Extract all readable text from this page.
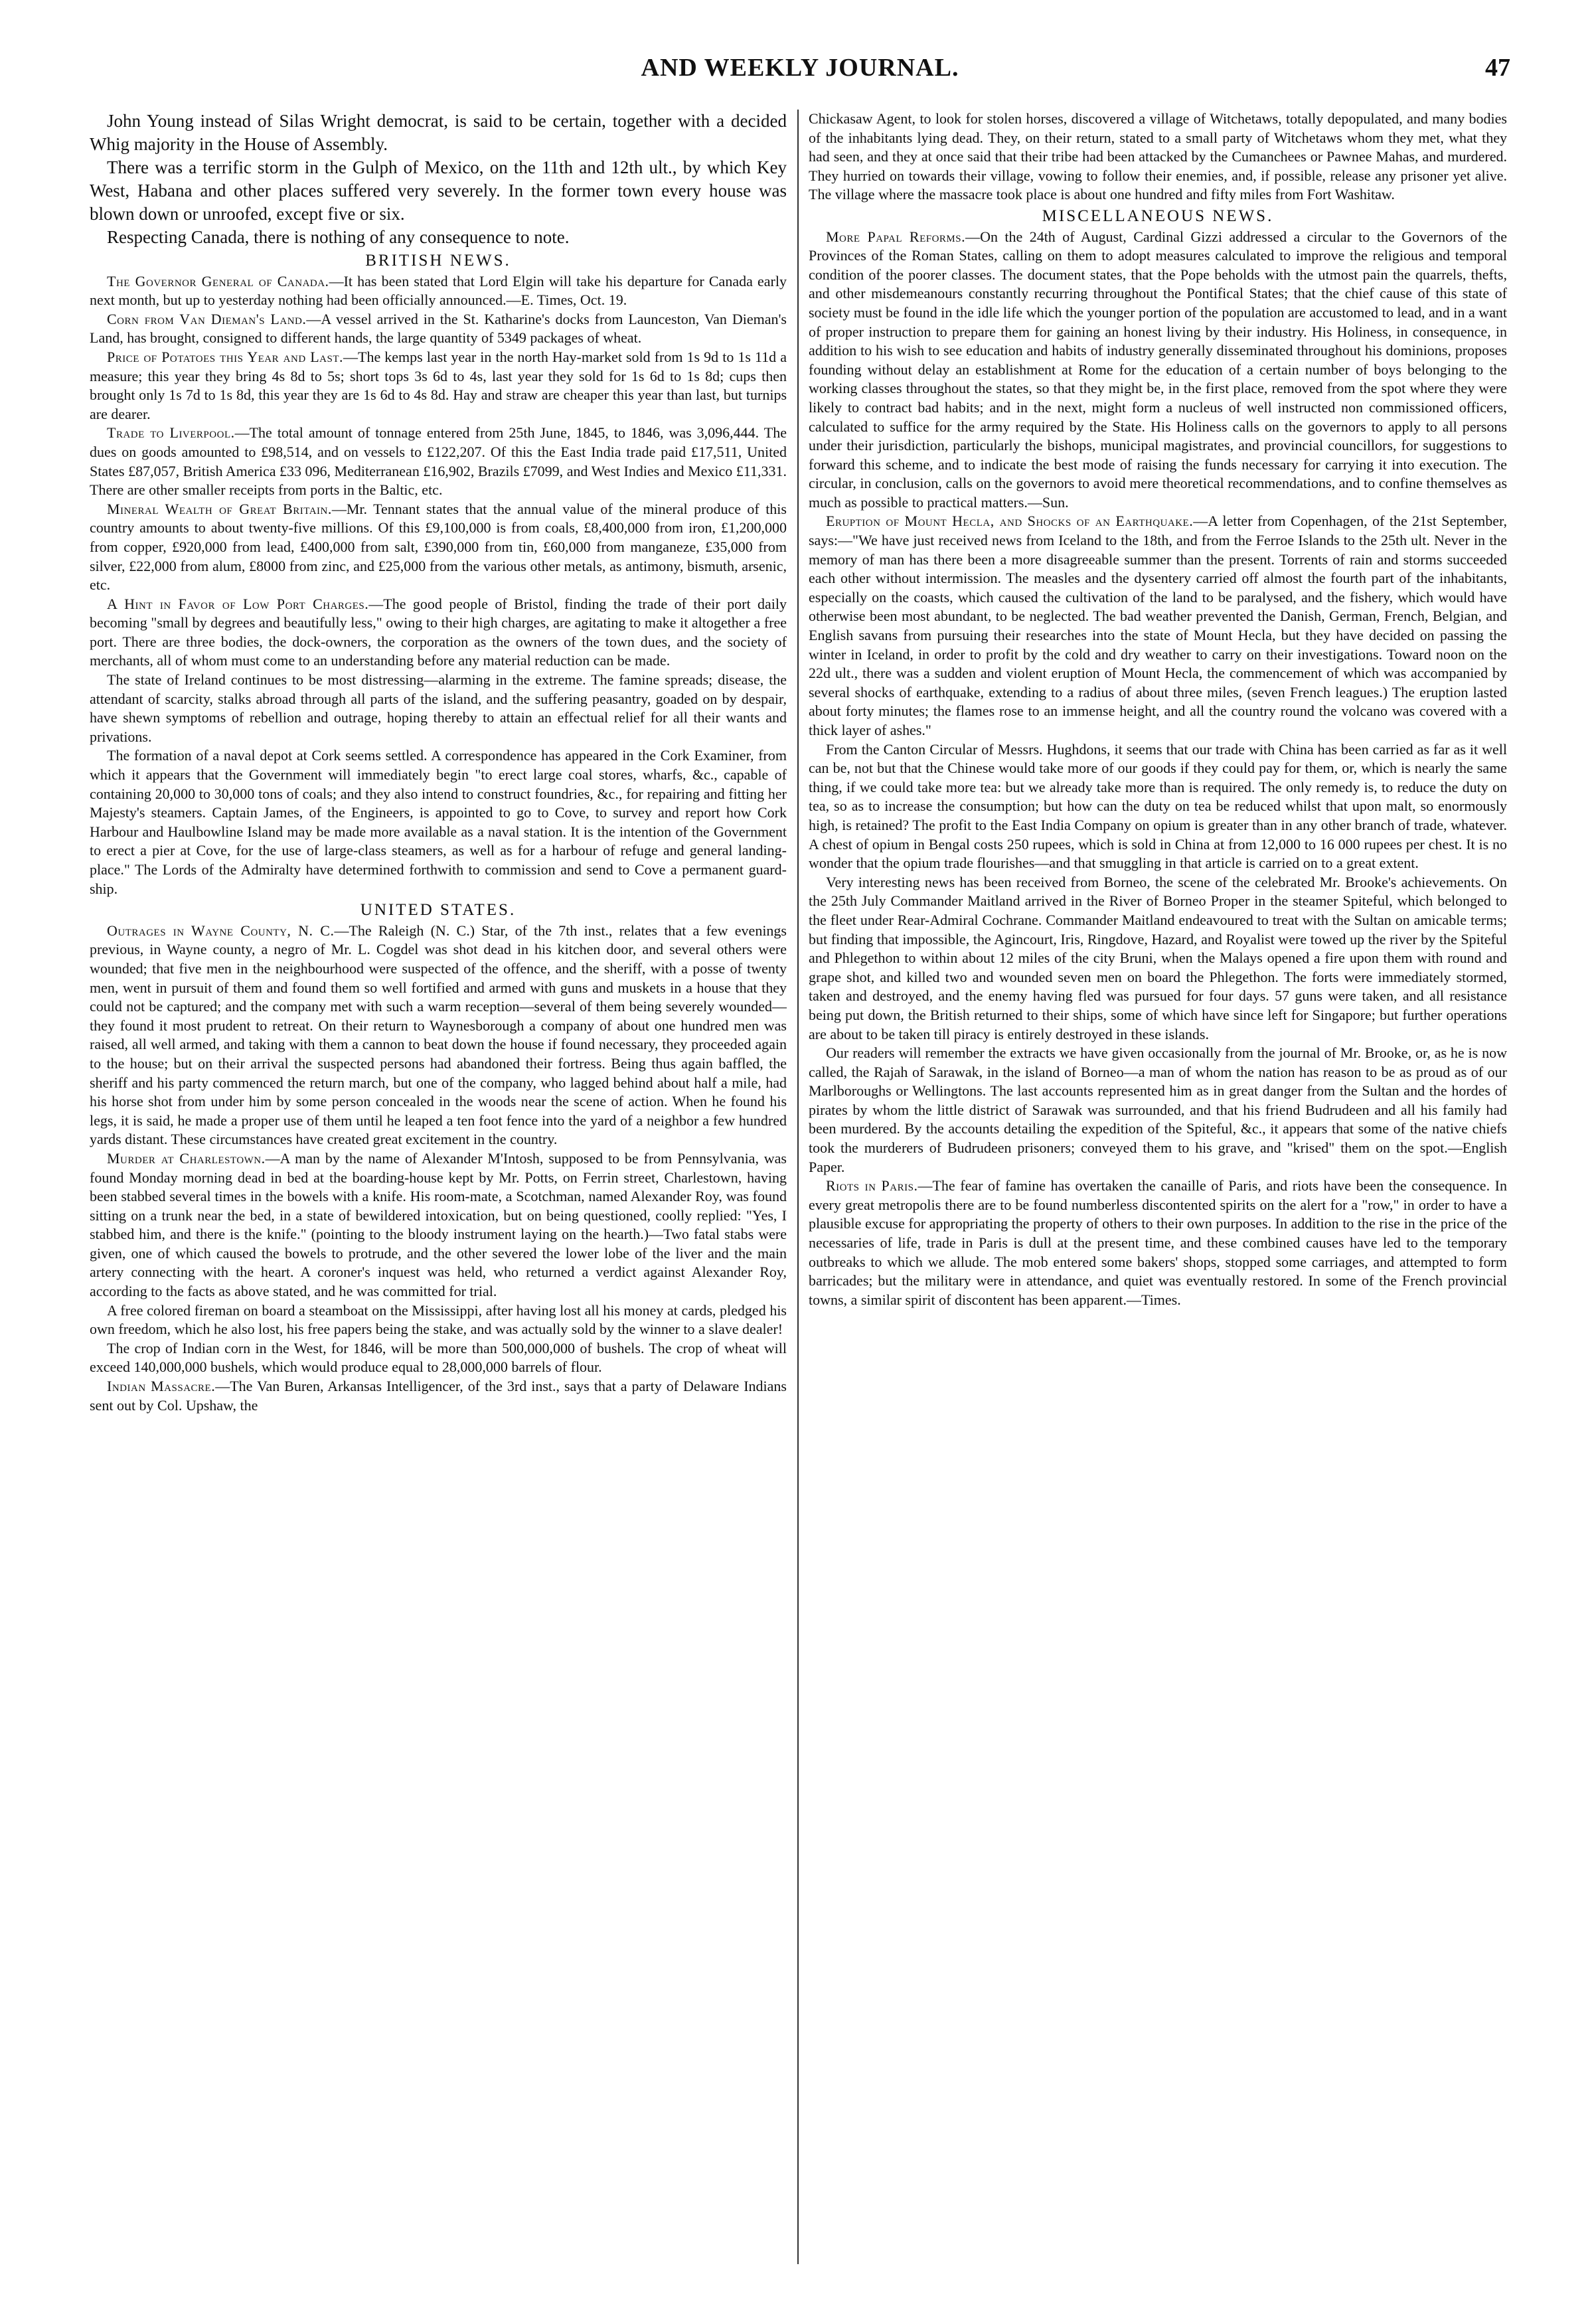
AND WEEKLY JOURNAL.	47

John Young instead of Silas Wright democrat, is said to be certain, together with a decided Whig majority in the House of Assembly.

There was a terrific storm in the Gulph of Mexico, on the 11th and 12th ult., by which Key West, Habana and other places suffered very severely. In the former town every house was blown down or unroofed, except five or six.

Respecting Canada, there is nothing of any consequence to note.

BRITISH NEWS.

The Governor General of Canada.—It has been stated that Lord Elgin will take his departure for Canada early next month, but up to yesterday nothing had been officially announced.—E. Times, Oct. 19.

Corn from Van Dieman's Land.—A vessel arrived in the St. Katharine's docks from Launceston, Van Dieman's Land, has brought, consigned to different hands, the large quantity of 5349 packages of wheat.

Price of Potatoes this Year and Last.—The kemps last year in the north Hay-market sold from 1s 9d to 1s 11d a measure; this year they bring 4s 8d to 5s; short tops 3s 6d to 4s, last year they sold for 1s 6d to 1s 8d; cups then brought only 1s 7d to 1s 8d, this year they are 1s 6d to 4s 8d. Hay and straw are cheaper this year than last, but turnips are dearer.

Trade to Liverpool.—The total amount of tonnage entered from 25th June, 1845, to 1846, was 3,096,444. The dues on goods amounted to £98,514, and on vessels to £122,207. Of this the East India trade paid £17,511, United States £87,057, British America £33 096, Mediterranean £16,902, Brazils £7099, and West Indies and Mexico £11,331. There are other smaller receipts from ports in the Baltic, etc.

Mineral Wealth of Great Britain.—Mr. Tennant states that the annual value of the mineral produce of this country amounts to about twenty-five millions. Of this £9,100,000 is from coals, £8,400,000 from iron, £1,200,000 from copper, £920,000 from lead, £400,000 from salt, £390,000 from tin, £60,000 from manganeze, £35,000 from silver, £22,000 from alum, £8000 from zinc, and £25,000 from the various other metals, as antimony, bismuth, arsenic, etc.

A Hint in Favor of Low Port Charges.—The good people of Bristol, finding the trade of their port daily becoming "small by degrees and beautifully less," owing to their high charges, are agitating to make it altogether a free port. There are three bodies, the dock-owners, the corporation as the owners of the town dues, and the society of merchants, all of whom must come to an understanding before any material reduction can be made.

The state of Ireland continues to be most distressing—alarming in the extreme. The famine spreads; disease, the attendant of scarcity, stalks abroad through all parts of the island, and the suffering peasantry, goaded on by despair, have shewn symptoms of rebellion and outrage, hoping thereby to attain an effectual relief for all their wants and privations.

The formation of a naval depot at Cork seems settled. A correspondence has appeared in the Cork Examiner, from which it appears that the Government will immediately begin "to erect large coal stores, wharfs, &c., capable of containing 20,000 to 30,000 tons of coals; and they also intend to construct foundries, &c., for repairing and fitting her Majesty's steamers. Captain James, of the Engineers, is appointed to go to Cove, to survey and report how Cork Harbour and Haulbowline Island may be made more available as a naval station. It is the intention of the Government to erect a pier at Cove, for the use of large-class steamers, as well as for a harbour of refuge and general landing-place." The Lords of the Admiralty have determined forthwith to commission and send to Cove a permanent guard-ship.

UNITED STATES.

Outrages in Wayne County, N. C.—The Raleigh (N. C.) Star, of the 7th inst., relates that a few evenings previous, in Wayne county, a negro of Mr. L. Cogdel was shot dead in his kitchen door, and several others were wounded; that five men in the neighbourhood were suspected of the offence, and the sheriff, with a posse of twenty men, went in pursuit of them and found them so well fortified and armed with guns and muskets in a house that they could not be captured; and the company met with such a warm reception—several of them being severely wounded—they found it most prudent to retreat. On their return to Waynesborough a company of about one hundred men was raised, all well armed, and taking with them a cannon to beat down the house if found necessary, they proceeded again to the house; but on their arrival the suspected persons had abandoned their fortress. Being thus again baffled, the sheriff and his party commenced the return march, but one of the company, who lagged behind about half a mile, had his horse shot from under him by some person concealed in the woods near the scene of action. When he found his legs, it is said, he made a proper use of them until he leaped a ten foot fence into the yard of a neighbor a few hundred yards distant. These circumstances have created great excitement in the country.

Murder at Charlestown.—A man by the name of Alexander M'Intosh, supposed to be from Pennsylvania, was found Monday morning dead in bed at the boarding-house kept by Mr. Potts, on Ferrin street, Charlestown, having been stabbed several times in the bowels with a knife. His room-mate, a Scotchman, named Alexander Roy, was found sitting on a trunk near the bed, in a state of bewildered intoxication, but on being questioned, coolly replied: "Yes, I stabbed him, and there is the knife." (pointing to the bloody instrument laying on the hearth.)—Two fatal stabs were given, one of which caused the bowels to protrude, and the other severed the lower lobe of the liver and the main artery connecting with the heart. A coroner's inquest was held, who returned a verdict against Alexander Roy, according to the facts as above stated, and he was committed for trial.

A free colored fireman on board a steamboat on the Mississippi, after having lost all his money at cards, pledged his own freedom, which he also lost, his free papers being the stake, and was actually sold by the winner to a slave dealer!

The crop of Indian corn in the West, for 1846, will be more than 500,000,000 of bushels. The crop of wheat will exceed 140,000,000 bushels, which would produce equal to 28,000,000 barrels of flour.

Indian Massacre.—The Van Buren, Arkansas Intelligencer, of the 3rd inst., says that a party of Delaware Indians sent out by Col. Upshaw, the

Chickasaw Agent, to look for stolen horses, discovered a village of Witchetaws, totally depopulated, and many bodies of the inhabitants lying dead. They, on their return, stated to a small party of Witchetaws whom they met, what they had seen, and they at once said that their tribe had been attacked by the Cumanchees or Pawnee Mahas, and murdered. They hurried on towards their village, vowing to follow their enemies, and, if possible, release any prisoner yet alive. The village where the massacre took place is about one hundred and fifty miles from Fort Washitaw.

MISCELLANEOUS NEWS.

More Papal Reforms.—On the 24th of August, Cardinal Gizzi addressed a circular to the Governors of the Provinces of the Roman States, calling on them to adopt measures calculated to improve the religious and temporal condition of the poorer classes. The document states, that the Pope beholds with the utmost pain the quarrels, thefts, and other misdemeanours constantly recurring throughout the Pontifical States; that the chief cause of this state of society must be found in the idle life which the younger portion of the population are accustomed to lead, and in a want of proper instruction to prepare them for gaining an honest living by their industry. His Holiness, in consequence, in addition to his wish to see education and habits of industry generally disseminated throughout his dominions, proposes founding without delay an establishment at Rome for the education of a certain number of boys belonging to the working classes throughout the states, so that they might be, in the first place, removed from the spot where they were likely to contract bad habits; and in the next, might form a nucleus of well instructed non commissioned officers, calculated to suffice for the army required by the State. His Holiness calls on the governors to apply to all persons under their jurisdiction, particularly the bishops, municipal magistrates, and provincial councillors, for suggestions to forward this scheme, and to indicate the best mode of raising the funds necessary for carrying it into execution. The circular, in conclusion, calls on the governors to avoid mere theoretical recommendations, and to confine themselves as much as possible to practical matters.—Sun.

Eruption of Mount Hecla, and Shocks of an Earthquake.—A letter from Copenhagen, of the 21st September, says:—"We have just received news from Iceland to the 18th, and from the Ferroe Islands to the 25th ult. Never in the memory of man has there been a more disagreeable summer than the present. Torrents of rain and storms succeeded each other without intermission. The measles and the dysentery carried off almost the fourth part of the inhabitants, especially on the coasts, which caused the cultivation of the land to be paralysed, and the fishery, which would have otherwise been most abundant, to be neglected. The bad weather prevented the Danish, German, French, Belgian, and English savans from pursuing their researches into the state of Mount Hecla, but they have decided on passing the winter in Iceland, in order to profit by the cold and dry weather to carry on their investigations. Toward noon on the 22d ult., there was a sudden and violent eruption of Mount Hecla, the commencement of which was accompanied by several shocks of earthquake, extending to a radius of about three miles, (seven French leagues.) The eruption lasted about forty minutes; the flames rose to an immense height, and all the country round the volcano was covered with a thick layer of ashes."

From the Canton Circular of Messrs. Hughdons, it seems that our trade with China has been carried as far as it well can be, not but that the Chinese would take more of our goods if they could pay for them, or, which is nearly the same thing, if we could take more tea: but we already take more than is required. The only remedy is, to reduce the duty on tea, so as to increase the consumption; but how can the duty on tea be reduced whilst that upon malt, so enormously high, is retained? The profit to the East India Company on opium is greater than in any other branch of trade, whatever. A chest of opium in Bengal costs 250 rupees, which is sold in China at from 12,000 to 16 000 rupees per chest. It is no wonder that the opium trade flourishes—and that smuggling in that article is carried on to a great extent.

Very interesting news has been received from Borneo, the scene of the celebrated Mr. Brooke's achievements. On the 25th July Commander Maitland arrived in the River of Borneo Proper in the steamer Spiteful, which belonged to the fleet under Rear-Admiral Cochrane. Commander Maitland endeavoured to treat with the Sultan on amicable terms; but finding that impossible, the Agincourt, Iris, Ringdove, Hazard, and Royalist were towed up the river by the Spiteful and Phlegethon to within about 12 miles of the city Bruni, when the Malays opened a fire upon them with round and grape shot, and killed two and wounded seven men on board the Phlegethon. The forts were immediately stormed, taken and destroyed, and the enemy having fled was pursued for four days. 57 guns were taken, and all resistance being put down, the British returned to their ships, some of which have since left for Singapore; but further operations are about to be taken till piracy is entirely destroyed in these islands.

Our readers will remember the extracts we have given occasionally from the journal of Mr. Brooke, or, as he is now called, the Rajah of Sarawak, in the island of Borneo—a man of whom the nation has reason to be as proud as of our Marlboroughs or Wellingtons. The last accounts represented him as in great danger from the Sultan and the hordes of pirates by whom the little district of Sarawak was surrounded, and that his friend Budrudeen and all his family had been murdered. By the accounts detailing the expedition of the Spiteful, &c., it appears that some of the native chiefs took the murderers of Budrudeen prisoners; conveyed them to his grave, and "krised" them on the spot.—English Paper.

Riots in Paris.—The fear of famine has overtaken the canaille of Paris, and riots have been the consequence. In every great metropolis there are to be found numberless discontented spirits on the alert for a "row," in order to have a plausible excuse for appropriating the property of others to their own purposes. In addition to the rise in the price of the necessaries of life, trade in Paris is dull at the present time, and these combined causes have led to the temporary outbreaks to which we allude. The mob entered some bakers' shops, stopped some carriages, and attempted to form barricades; but the military were in attendance, and quiet was eventually restored. In some of the French provincial towns, a similar spirit of discontent has been apparent.—Times.
